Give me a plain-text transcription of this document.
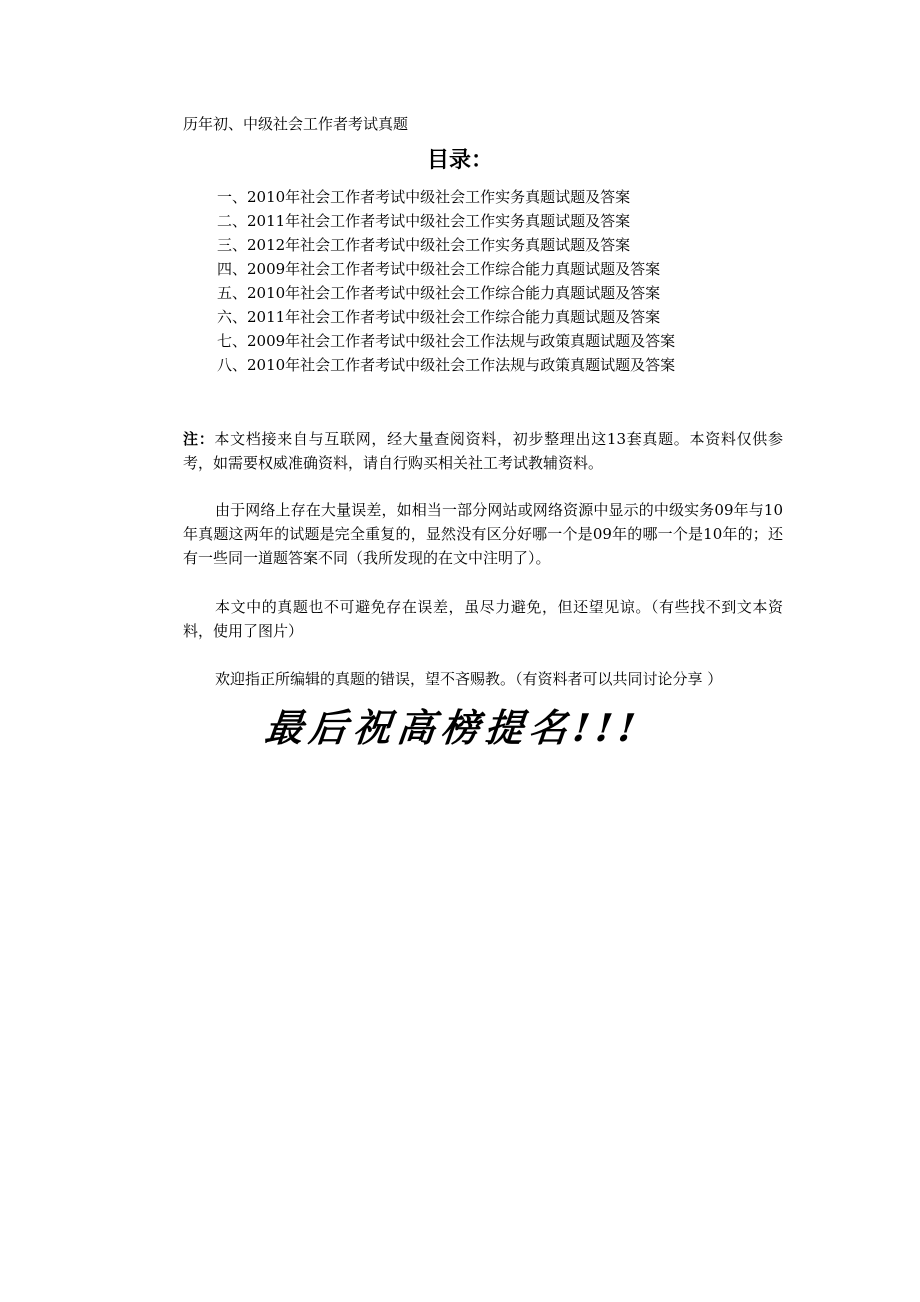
历年初、中级社会工作者考试真题
目录：
一、2010年社会工作者考试中级社会工作实务真题试题及答案
二、2011年社会工作者考试中级社会工作实务真题试题及答案
三、2012年社会工作者考试中级社会工作实务真题试题及答案
四、2009年社会工作者考试中级社会工作综合能力真题试题及答案
五、2010年社会工作者考试中级社会工作综合能力真题试题及答案
六、2011年社会工作者考试中级社会工作综合能力真题试题及答案
七、2009年社会工作者考试中级社会工作法规与政策真题试题及答案
八、2010年社会工作者考试中级社会工作法规与政策真题试题及答案

注：本文档接来自与互联网，经大量查阅资料，初步整理出这13套真题。本资料仅供参考，如需要权威准确资料，请自行购买相关社工考试教辅资料。

由于网络上存在大量误差，如相当一部分网站或网络资源中显示的中级实务09年与10年真题这两年的试题是完全重复的，显然没有区分好哪一个是09年的哪一个是10年的；还有一些同一道题答案不同（我所发现的在文中注明了）。

本文中的真题也不可避免存在误差，虽尽力避免，但还望见谅。（有些找不到文本资料，使用了图片）

欢迎指正所编辑的真题的错误，望不吝赐教。（有资料者可以共同讨论分享 ）

最后祝高榜提名!!!
